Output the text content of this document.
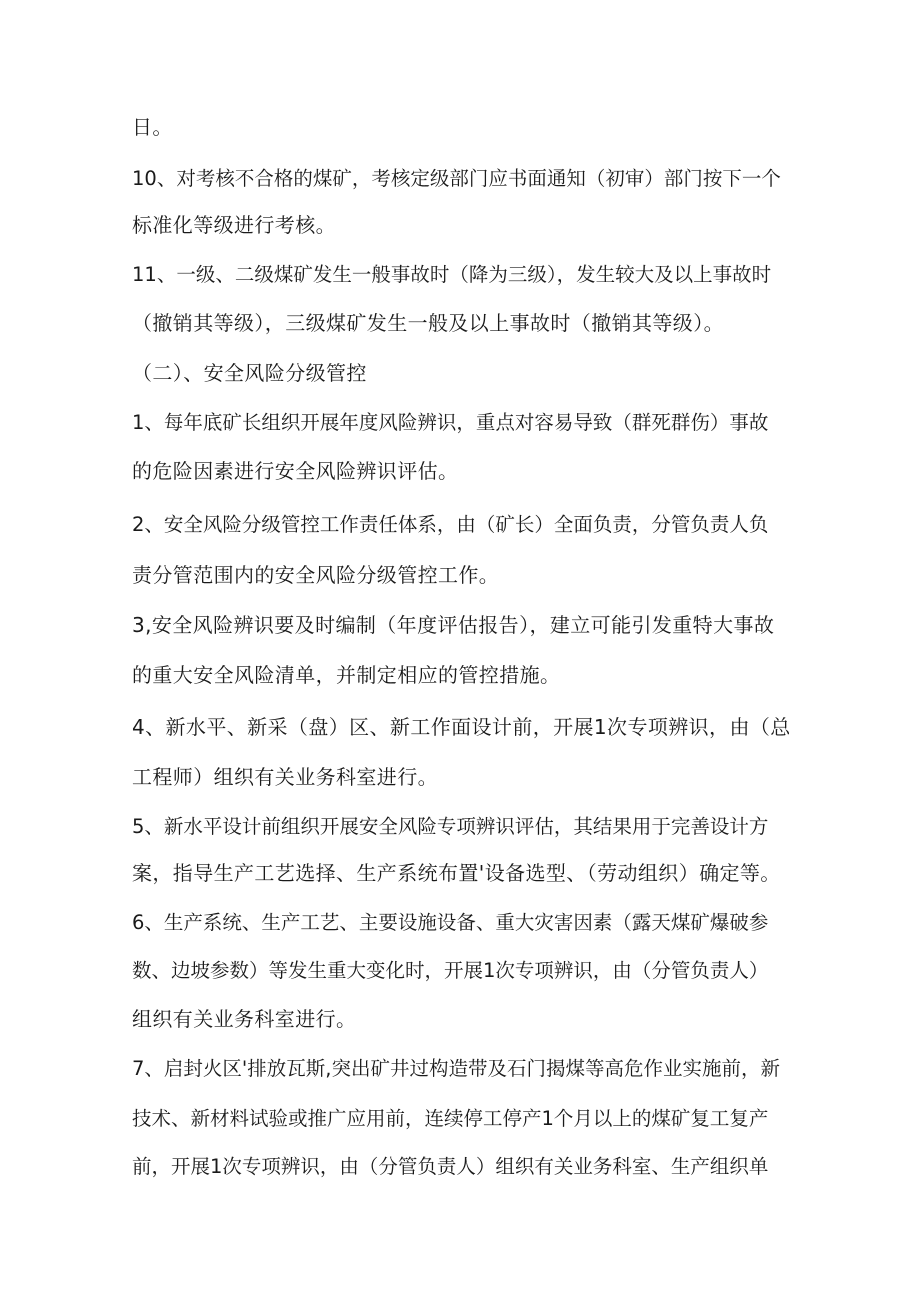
日。
10、对考核不合格的煤矿，考核定级部门应书面通知（初审）部门按下一个
标准化等级进行考核。
11、一级、二级煤矿发生一般事故时（降为三级），发生较大及以上事故时
（撤销其等级），三级煤矿发生一般及以上事故时（撤销其等级）。
（二）、安全风险分级管控
1、每年底矿长组织开展年度风险辨识，重点对容易导致（群死群伤）事故
的危险因素进行安全风险辨识评估。
2、安全风险分级管控工作责任体系，由（矿长）全面负责，分管负责人负
责分管范围内的安全风险分级管控工作。
3,安全风险辨识要及时编制（年度评估报告），建立可能引发重特大事故
的重大安全风险清单，并制定相应的管控措施。
4、新水平、新采（盘）区、新工作面设计前，开展1次专项辨识，由（总
工程师）组织有关业务科室进行。
5、新水平设计前组织开展安全风险专项辨识评估，其结果用于完善设计方
案，指导生产工艺选择、生产系统布置'设备选型、（劳动组织）确定等。
6、生产系统、生产工艺、主要设施设备、重大灾害因素（露天煤矿爆破参
数、边坡参数）等发生重大变化时，开展1次专项辨识，由（分管负责人）
组织有关业务科室进行。
7、启封火区'排放瓦斯,突出矿井过构造带及石门揭煤等高危作业实施前，新
技术、新材料试验或推广应用前，连续停工停产1个月以上的煤矿复工复产
前，开展1次专项辨识，由（分管负责人）组织有关业务科室、生产组织单
